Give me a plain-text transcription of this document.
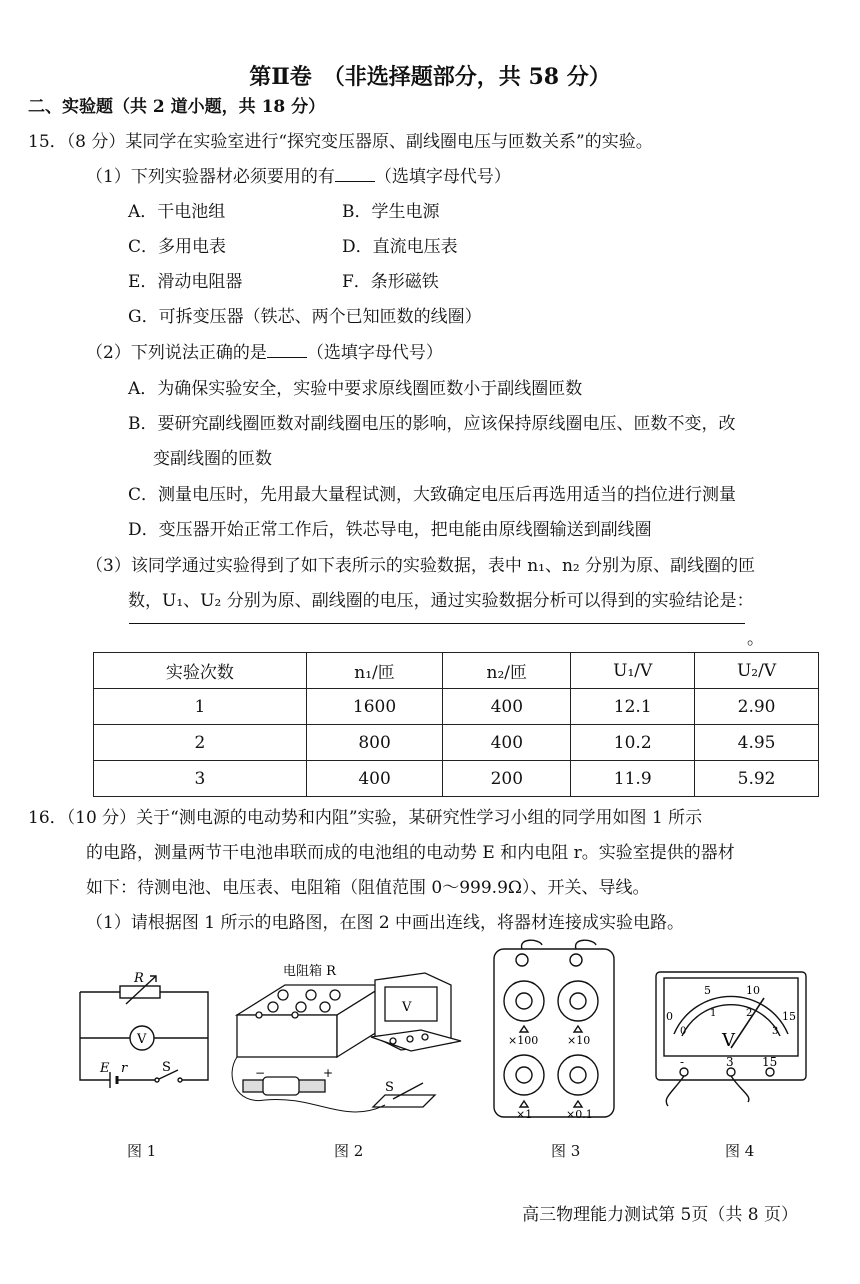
第Ⅱ卷　（非选择题部分，共 58 分）
二、实验题（共 2 道小题，共 18 分）
15．（8 分）某同学在实验室进行“探究变压器原、副线圈电压与匝数关系”的实验。
（1）下列实验器材必须要用的有 （选填字母代号）
A．干电池组	B．学生电源
C．多用电表	D．直流电压表
E．滑动电阻器	F．条形磁铁
G．可拆变压器（铁芯、两个已知匝数的线圈）
（2）下列说法正确的是 （选填字母代号）
A．为确保实验安全，实验中要求原线圈匝数小于副线圈匝数
B．要研究副线圈匝数对副线圈电压的影响，应该保持原线圈电压、匝数不变，改
变副线圈的匝数
C．测量电压时，先用最大量程试测，大致确定电压后再选用适当的挡位进行测量
D．变压器开始正常工作后，铁芯导电，把电能由原线圈输送到副线圈
（3）该同学通过实验得到了如下表所示的实验数据，表中 n₁、n₂ 分别为原、副线圈的匝
数，U₁、U₂ 分别为原、副线圈的电压，通过实验数据分析可以得到的实验结论是：
。
实验次数	n₁/匝	n₂/匝	U₁/V	U₂/V
1	1600	400	12.1	2.90
2	800	400	10.2	4.95
3	400	200	11.9	5.92
16．（10 分）关于“测电源的电动势和内阻”实验，某研究性学习小组的同学用如图 1 所示
的电路，测量两节干电池串联而成的电池组的电动势 E 和内电阻 r。实验室提供的器材
如下：待测电池、电压表、电阻箱（阻值范围 0～999.9Ω）、开关、导线。
（1）请根据图 1 所示的电路图，在图 2 中画出连线，将器材连接成实验电路。
R
V
E r	S
电阻箱 R
V
−	+
S
×100	×10
×1	×0.1
0
5	10
15
0
1	2
3
V
-	3 15
图 1	图 2	图 3	图 4
高三物理能力测试第 5页（共 8 页）
